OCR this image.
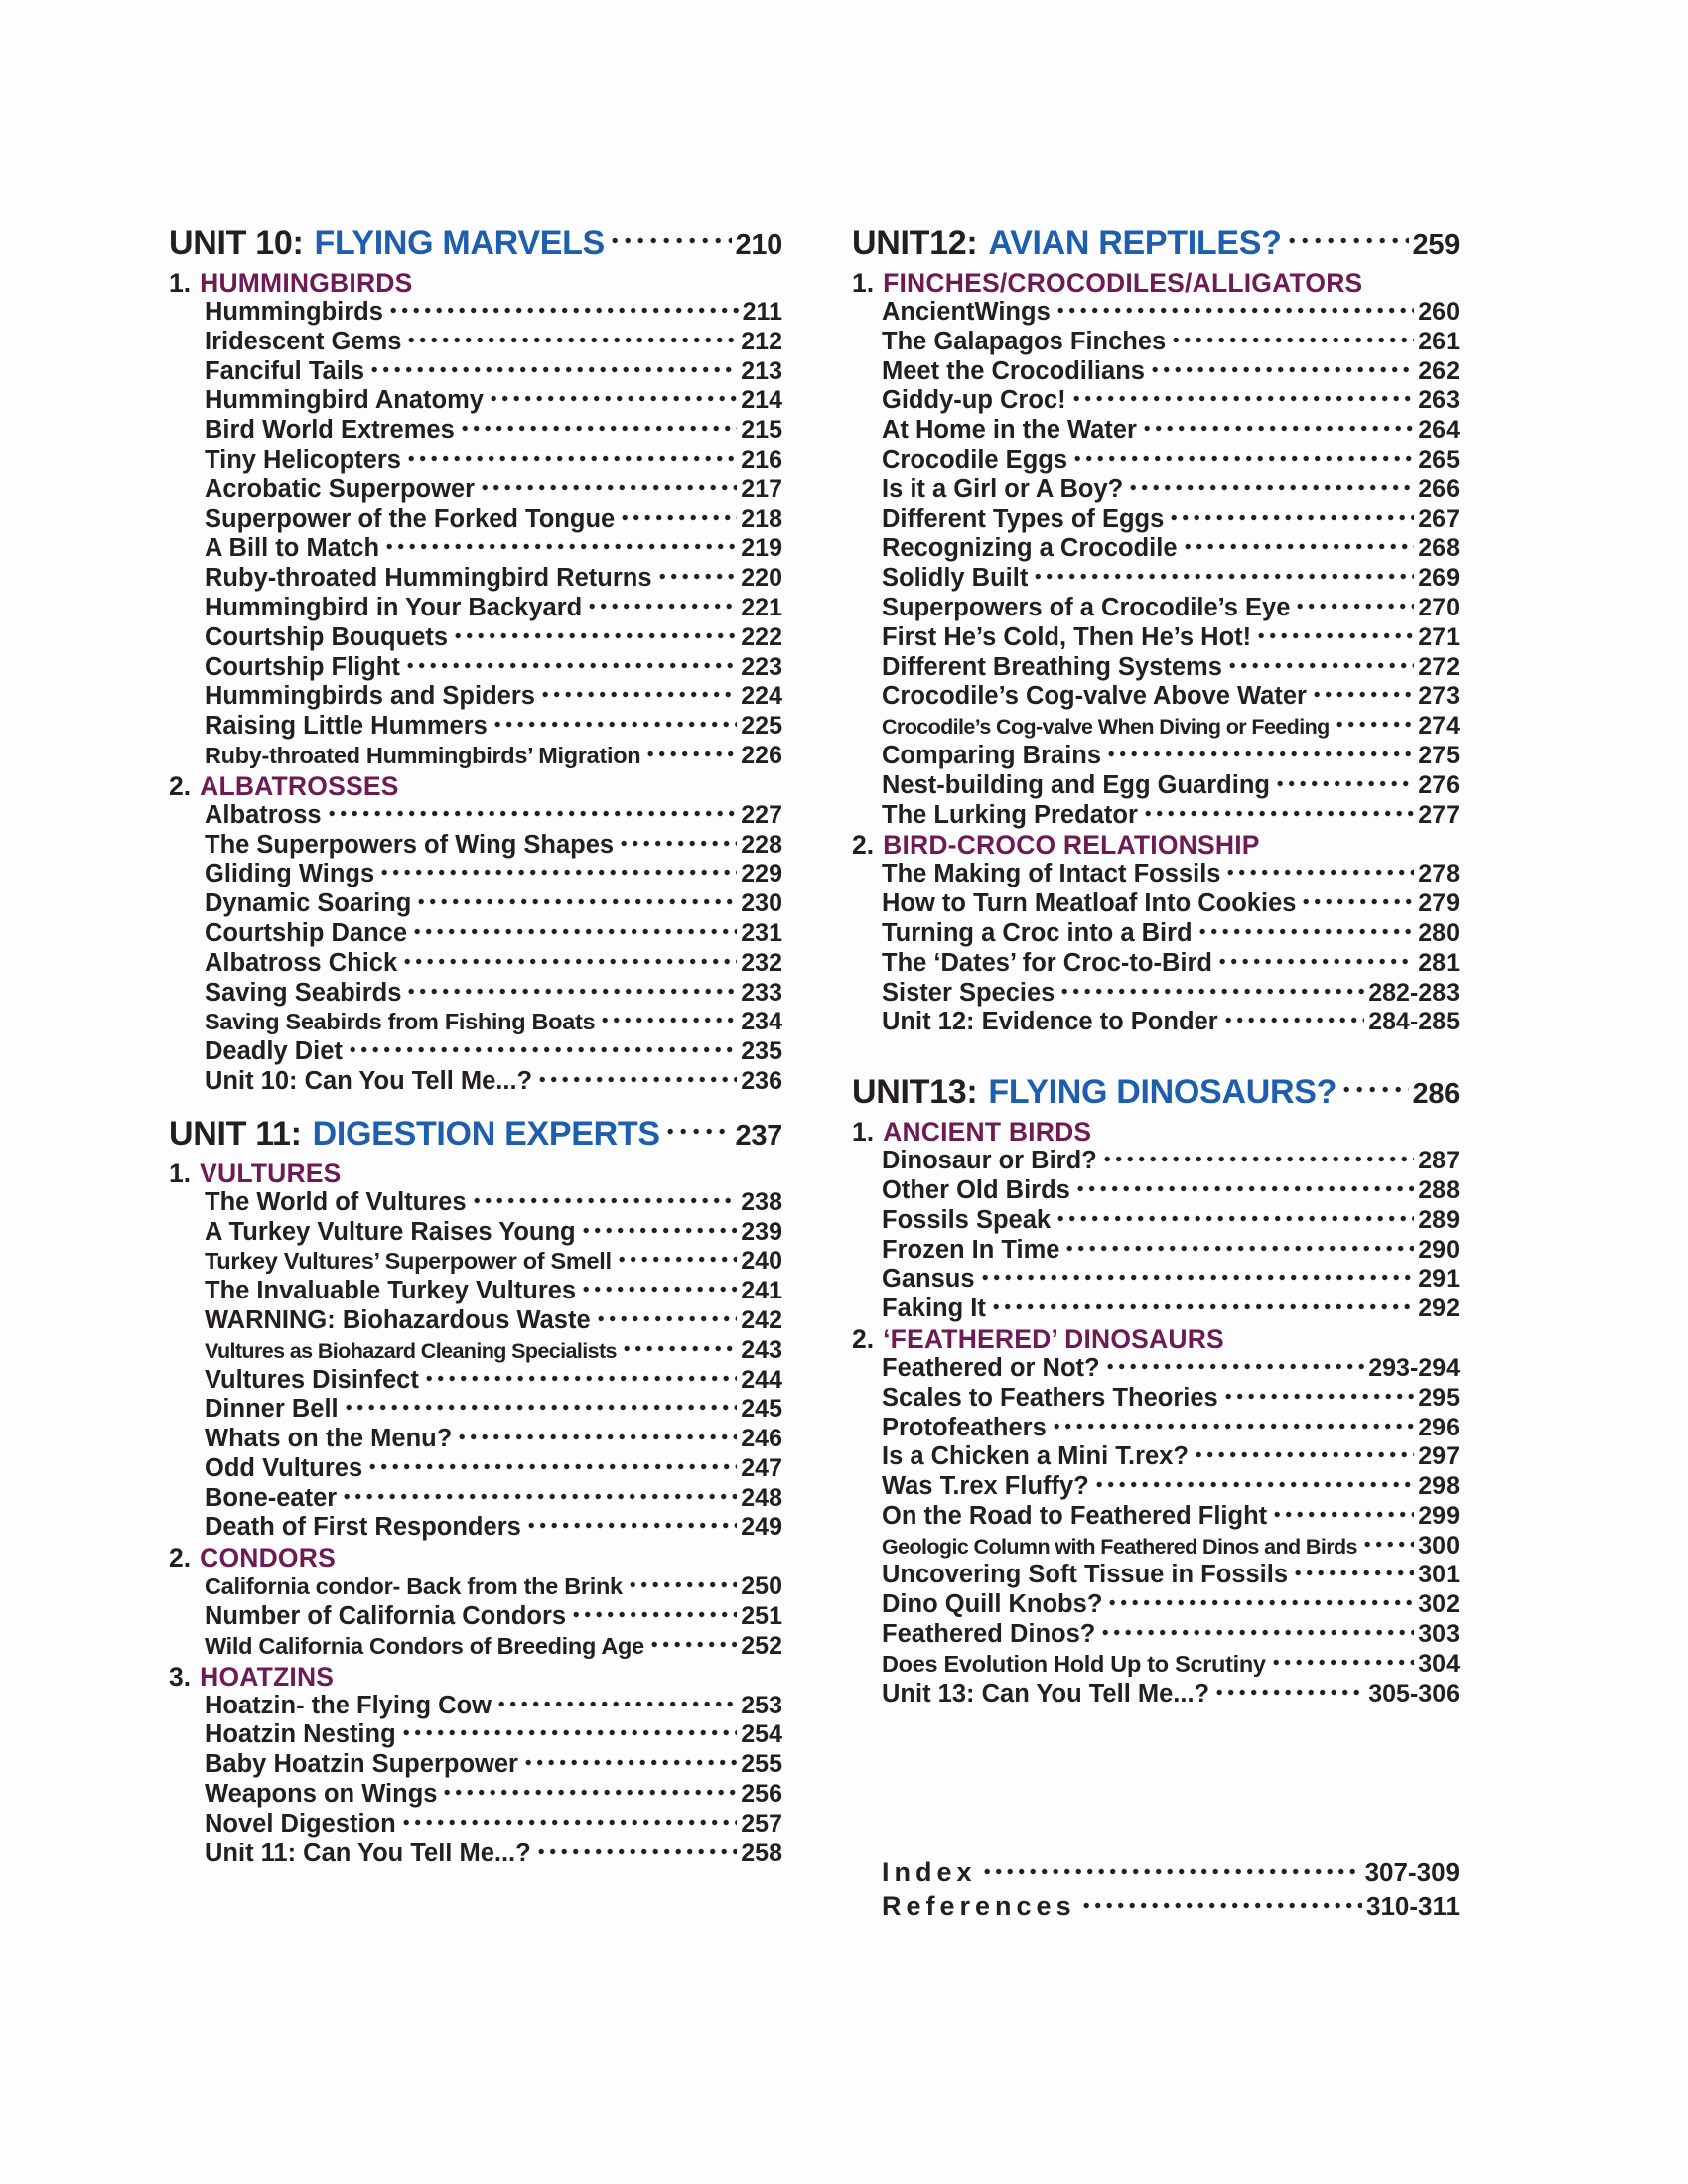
UNIT 10: FLYING MARVELS	210
1. HUMMINGBIRDS
Hummingbirds	211
Iridescent Gems	212
Fanciful Tails	213
Hummingbird Anatomy	214
Bird World Extremes	215
Tiny Helicopters	216
Acrobatic Superpower	217
Superpower of the Forked Tongue	218
A Bill to Match	219
Ruby-throated Hummingbird Returns	220
Hummingbird in Your Backyard	221
Courtship Bouquets	222
Courtship Flight	223
Hummingbirds and Spiders	224
Raising Little Hummers	225
Ruby-throated Hummingbirds’ Migration	226
2. ALBATROSSES
Albatross	227
The Superpowers of Wing Shapes	228
Gliding Wings	229
Dynamic Soaring	230
Courtship Dance	231
Albatross Chick	232
Saving Seabirds	233
Saving Seabirds from Fishing Boats	234
Deadly Diet	235
Unit 10: Can You Tell Me...?	236
UNIT 11: DIGESTION EXPERTS	237
1. VULTURES
The World of Vultures	238
A Turkey Vulture Raises Young	239
Turkey Vultures’ Superpower of Smell	240
The Invaluable Turkey Vultures	241
WARNING: Biohazardous Waste	242
Vultures as Biohazard Cleaning Specialists	243
Vultures Disinfect	244
Dinner Bell	245
Whats on the Menu?	246
Odd Vultures	247
Bone-eater	248
Death of First Responders	249
2. CONDORS
California condor- Back from the Brink	250
Number of California Condors	251
Wild California Condors of Breeding Age	252
3. HOATZINS
Hoatzin- the Flying Cow	253
Hoatzin Nesting	254
Baby Hoatzin Superpower	255
Weapons on Wings	256
Novel Digestion	257
Unit 11: Can You Tell Me...?	258
UNIT12: AVIAN REPTILES?	259
1. FINCHES/CROCODILES/ALLIGATORS
AncientWings	260
The Galapagos Finches	261
Meet the Crocodilians	262
Giddy-up Croc!	263
At Home in the Water	264
Crocodile Eggs	265
Is it a Girl or A Boy?	266
Different Types of Eggs	267
Recognizing a Crocodile	268
Solidly Built	269
Superpowers of a Crocodile’s Eye	270
First He’s Cold, Then He’s Hot!	271
Different Breathing Systems	272
Crocodile’s Cog-valve Above Water	273
Crocodile’s Cog-valve When Diving or Feeding	274
Comparing Brains	275
Nest-building and Egg Guarding	276
The Lurking Predator	277
2. BIRD-CROCO RELATIONSHIP
The Making of Intact Fossils	278
How to Turn Meatloaf Into Cookies	279
Turning a Croc into a Bird	280
The ‘Dates’ for Croc-to-Bird	281
Sister Species	282-283
Unit 12: Evidence to Ponder	284-285
UNIT13: FLYING DINOSAURS?	286
1. ANCIENT BIRDS
Dinosaur or Bird?	287
Other Old Birds	288
Fossils Speak	289
Frozen In Time	290
Gansus	291
Faking It	292
2. ‘FEATHERED’ DINOSAURS
Feathered or Not?	293-294
Scales to Feathers Theories	295
Protofeathers	296
Is a Chicken a Mini T.rex?	297
Was T.rex Fluffy?	298
On the Road to Feathered Flight	299
Geologic Column with Feathered Dinos and Birds 300
Uncovering Soft Tissue in Fossils	301
Dino Quill Knobs?	302
Feathered Dinos?	303
Does Evolution Hold Up to Scrutiny	304
Unit 13: Can You Tell Me...?	305-306
Index	307-309
References	310-311
